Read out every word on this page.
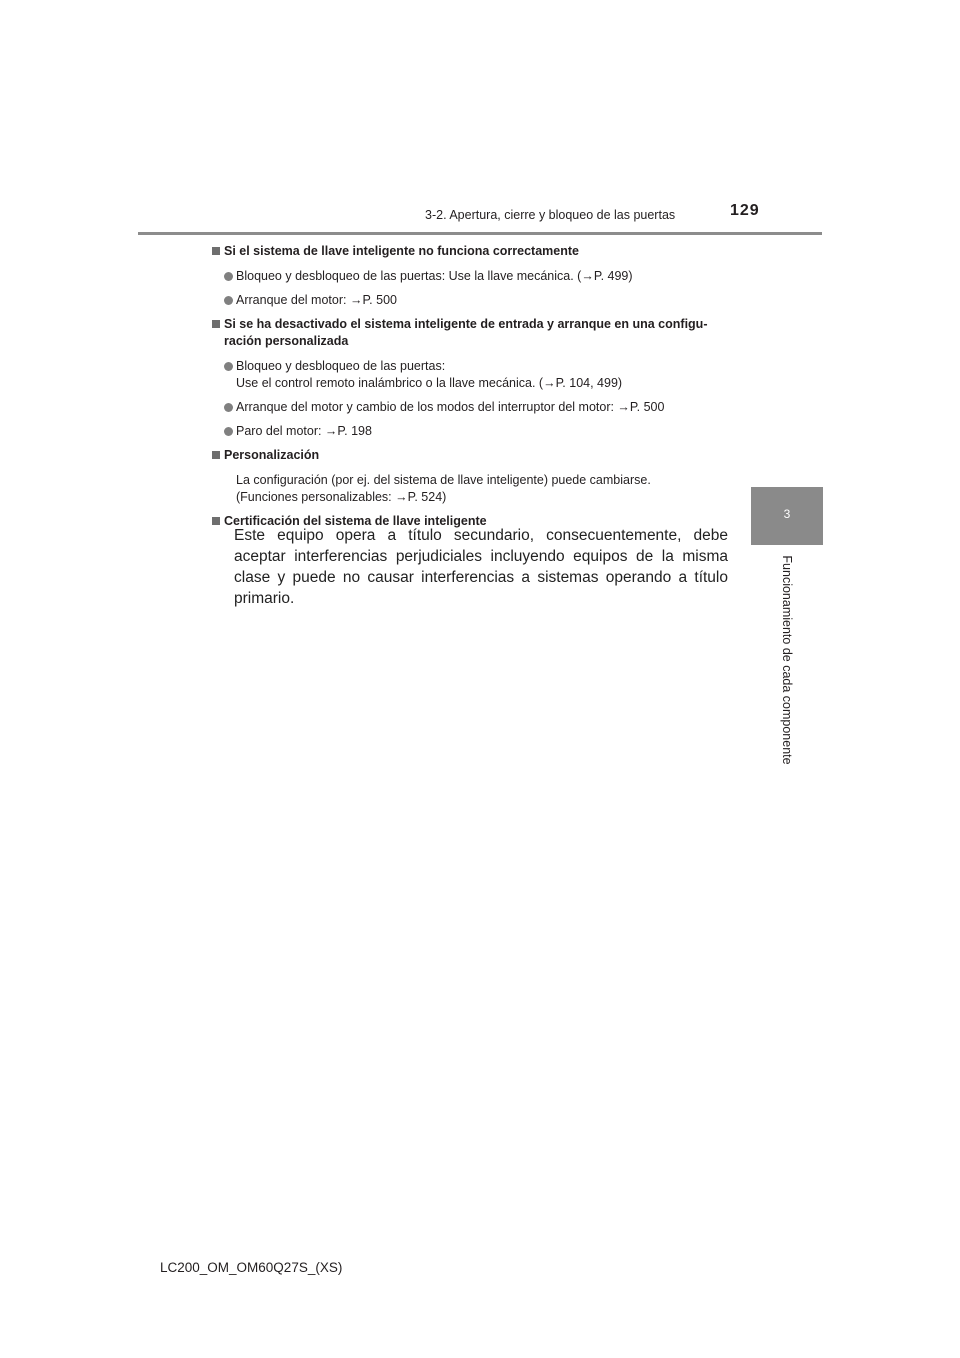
3-2. Apertura, cierre y bloqueo de las puertas	129
3
Funcionamiento de cada componente
Si el sistema de llave inteligente no funciona correctamente
Bloqueo y desbloqueo de las puertas: Use la llave mecánica. (→P. 499)
Arranque del motor: →P. 500
Si se ha desactivado el sistema inteligente de entrada y arranque en una configu-
ración personalizada
Bloqueo y desbloqueo de las puertas:
Use el control remoto inalámbrico o la llave mecánica. (→P. 104, 499)
Arranque del motor y cambio de los modos del interruptor del motor: →P. 500
Paro del motor: →P. 198
Personalización
La configuración (por ej. del sistema de llave inteligente) puede cambiarse.
(Funciones personalizables: →P. 524)
Certificación del sistema de llave inteligente
Este equipo opera a título secundario, consecuentemente, debe aceptar interferencias perjudiciales incluyendo equipos de la misma clase y puede no causar interferencias a sistemas operando a título primario.
LC200_OM_OM60Q27S_(XS)
